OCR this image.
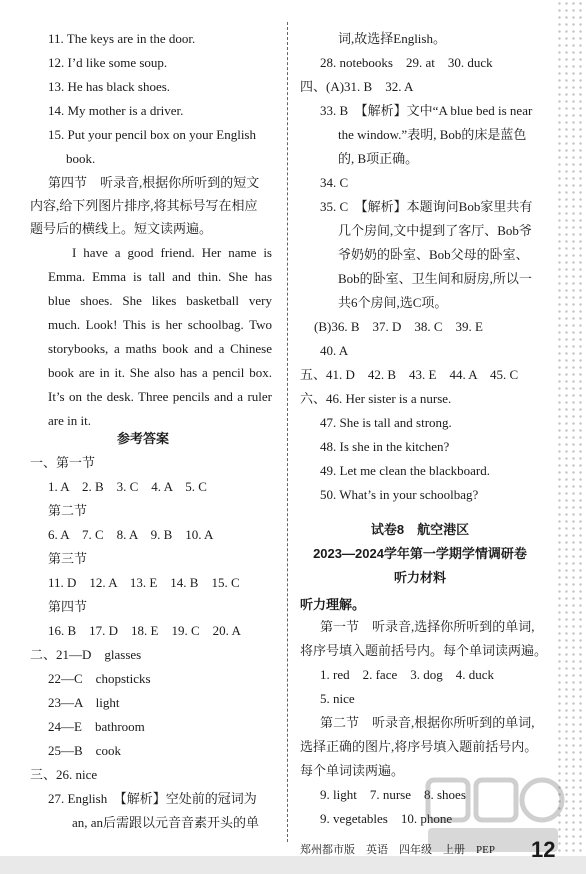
11. The keys are in the door.
12. I’d like some soup.
13. He has black shoes.
14. My mother is a driver.
15. Put your pencil box on your English
book.
第四节　听录音,根据你所听到的短文
内容,给下列图片排序,将其标号写在相应
题号后的横线上。短文读两遍。
I have a good friend. Her name is
Emma. Emma is tall and thin. She has
blue shoes. She likes basketball very
much. Look! This is her schoolbag. Two
storybooks, a maths book and a Chinese
book are in it. She also has a pencil box.
It’s on the desk. Three pencils and a ruler
are in it.
参考答案
一、第一节
1. A　2. B　3. C　4. A　5. C
第二节
6. A　7. C　8. A　9. B　10. A
第三节
11. D　12. A　13. E　14. B　15. C
第四节
16. B　17. D　18. E　19. C　20. A
二、21—D　glasses
22—C　chopsticks
23—A　light
24—E　bathroom
25—B　cook
三、26. nice
27. English　【解析】空处前的冠词为
an, an后需跟以元音音素开头的单
词,故选择English。
28. notebooks　29. at　30. duck
四、(A)31. B　32. A
33. B　【解析】文中“A blue bed is near
the window.”表明, Bob的床是蓝色
的, B项正确。
34. C
35. C　【解析】本题询问Bob家里共有
几个房间,文中提到了客厅、Bob爷
爷奶奶的卧室、Bob父母的卧室、
Bob的卧室、卫生间和厨房,所以一
共6个房间,选C项。
(B)36. B　37. D　38. C　39. E
40. A
五、41. D　42. B　43. E　44. A　45. C
六、46. Her sister is a nurse.
47. She is tall and strong.
48. Is she in the kitchen?
49. Let me clean the blackboard.
50. What’s in your schoolbag?
试卷8　航空港区
2023—2024学年第一学期学情调研卷
听力材料
听力理解。
第一节　听录音,选择你所听到的单词,
将序号填入题前括号内。每个单词读两遍。
1. red　2. face　3. dog　4. duck
5. nice
第二节　听录音,根据你所听到的单词,
选择正确的图片,将序号填入题前括号内。
每个单词读两遍。
9. light　7. nurse　8. shoes
9. vegetables　10. phone
郑州都市版　英语　四年级　上册　PEP 12
